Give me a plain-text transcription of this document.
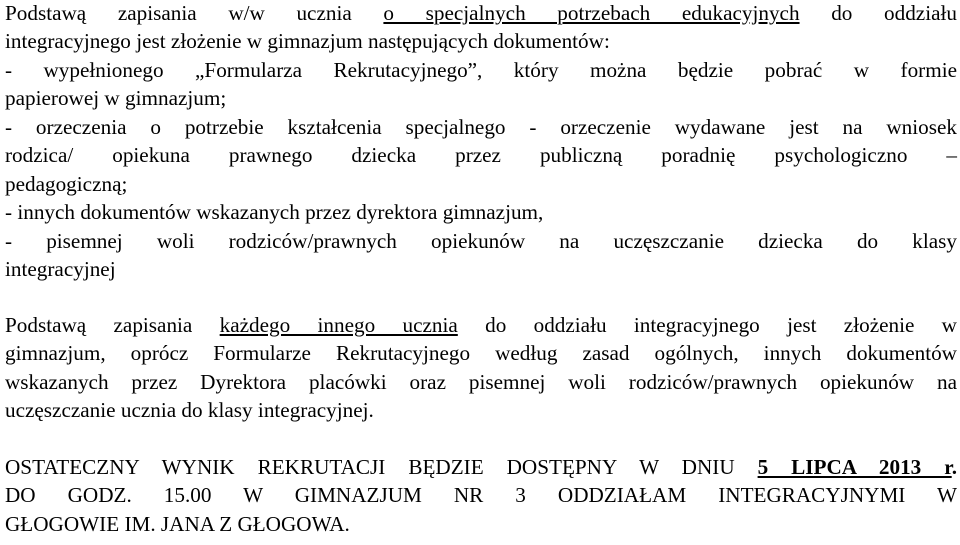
Podstawą zapisania w/w ucznia o specjalnych potrzebach edukacyjnych do oddziału
integracyjnego jest złożenie w gimnazjum następujących dokumentów:
- wypełnionego „Formularza Rekrutacyjnego”, który można będzie pobrać w formie
papierowej w gimnazjum;
- orzeczenia o potrzebie kształcenia specjalnego - orzeczenie wydawane jest na wniosek
rodzica/ opiekuna prawnego dziecka przez publiczną poradnię psychologiczno –
pedagogiczną;
- innych dokumentów wskazanych przez dyrektora gimnazjum,
- pisemnej woli rodziców/prawnych opiekunów na uczęszczanie dziecka do klasy
integracyjnej
Podstawą zapisania każdego innego ucznia do oddziału integracyjnego jest złożenie w
gimnazjum, oprócz Formularze Rekrutacyjnego według zasad ogólnych, innych dokumentów
wskazanych przez Dyrektora placówki oraz pisemnej woli rodziców/prawnych opiekunów na
uczęszczanie ucznia do klasy integracyjnej.
OSTATECZNY WYNIK REKRUTACJI BĘDZIE DOSTĘPNY W DNIU 5 LIPCA 2013 r.
DO GODZ. 15.00 W GIMNAZJUM NR 3 ODDZIAŁAM INTEGRACYJNYMI W
GŁOGOWIE IM. JANA Z GŁOGOWA.
